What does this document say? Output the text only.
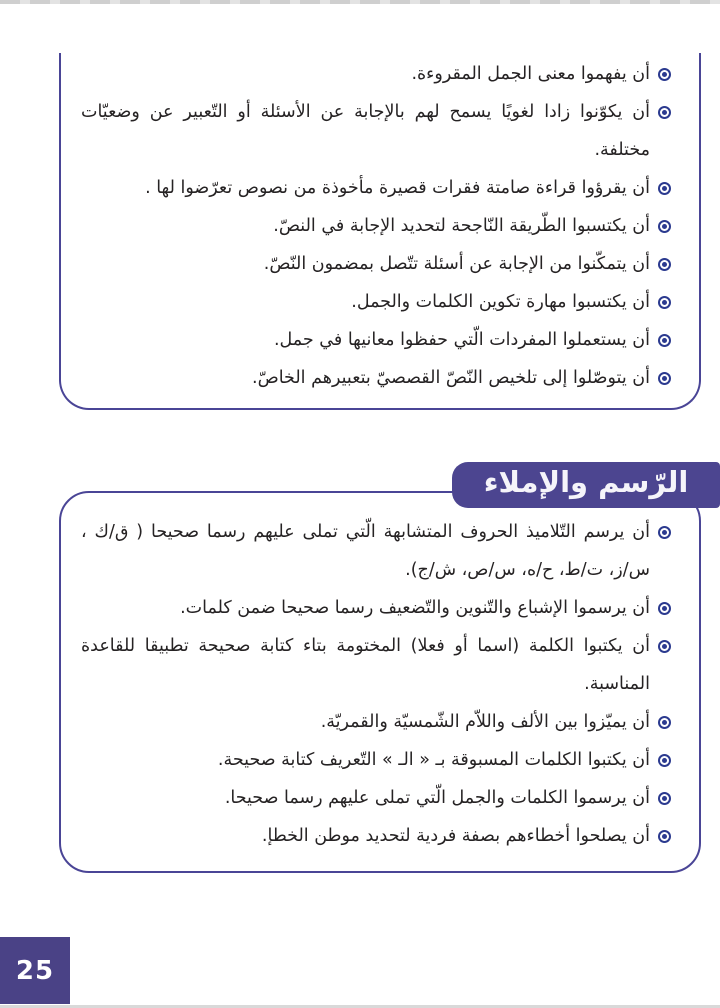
أن يفهموا معنى الجمل المقروءة.
أن يكوّنوا زادا لغويًا يسمح لهم بالإجابة عن الأسئلة أو التّعبير عن وضعيّات مختلفة.
أن يقرؤوا قراءة صامتة فقرات قصيرة مأخوذة من نصوص تعرّضوا لها .
أن يكتسبوا الطّريقة النّاجحة لتحديد الإجابة في النصّ.
أن يتمكّنوا من الإجابة عن أسئلة تتّصل بمضمون النّصّ.
أن يكتسبوا مهارة تكوين الكلمات والجمل.
أن يستعملوا المفردات الّتي حفظوا معانيها في جمل.
أن يتوصّلوا إلى تلخيص النّصّ القصصيّ بتعبيرهم الخاصّ.
الرّسم والإملاء
أن يرسم التّلاميذ الحروف المتشابهة الّتي تملى عليهم رسما صحيحا ( ق/ك ، س/ز، ت/ط، ح/ه، س/ص، ش/ج).
أن يرسموا الإشباع والتّنوين والتّضعيف رسما صحيحا ضمن كلمات.
أن يكتبوا الكلمة (اسما أو فعلا) المختومة بتاء كتابة صحيحة تطبيقا للقاعدة المناسبة.
أن يميّزوا بين الألف واللاّم الشّمسيّة والقمريّة.
أن يكتبوا الكلمات المسبوقة بـ « الـ » التّعريف كتابة صحيحة.
أن يرسموا الكلمات والجمل الّتي تملى عليهم رسما صحيحا.
أن يصلحوا أخطاءهم بصفة فردية لتحديد موطن الخطإ.
25
